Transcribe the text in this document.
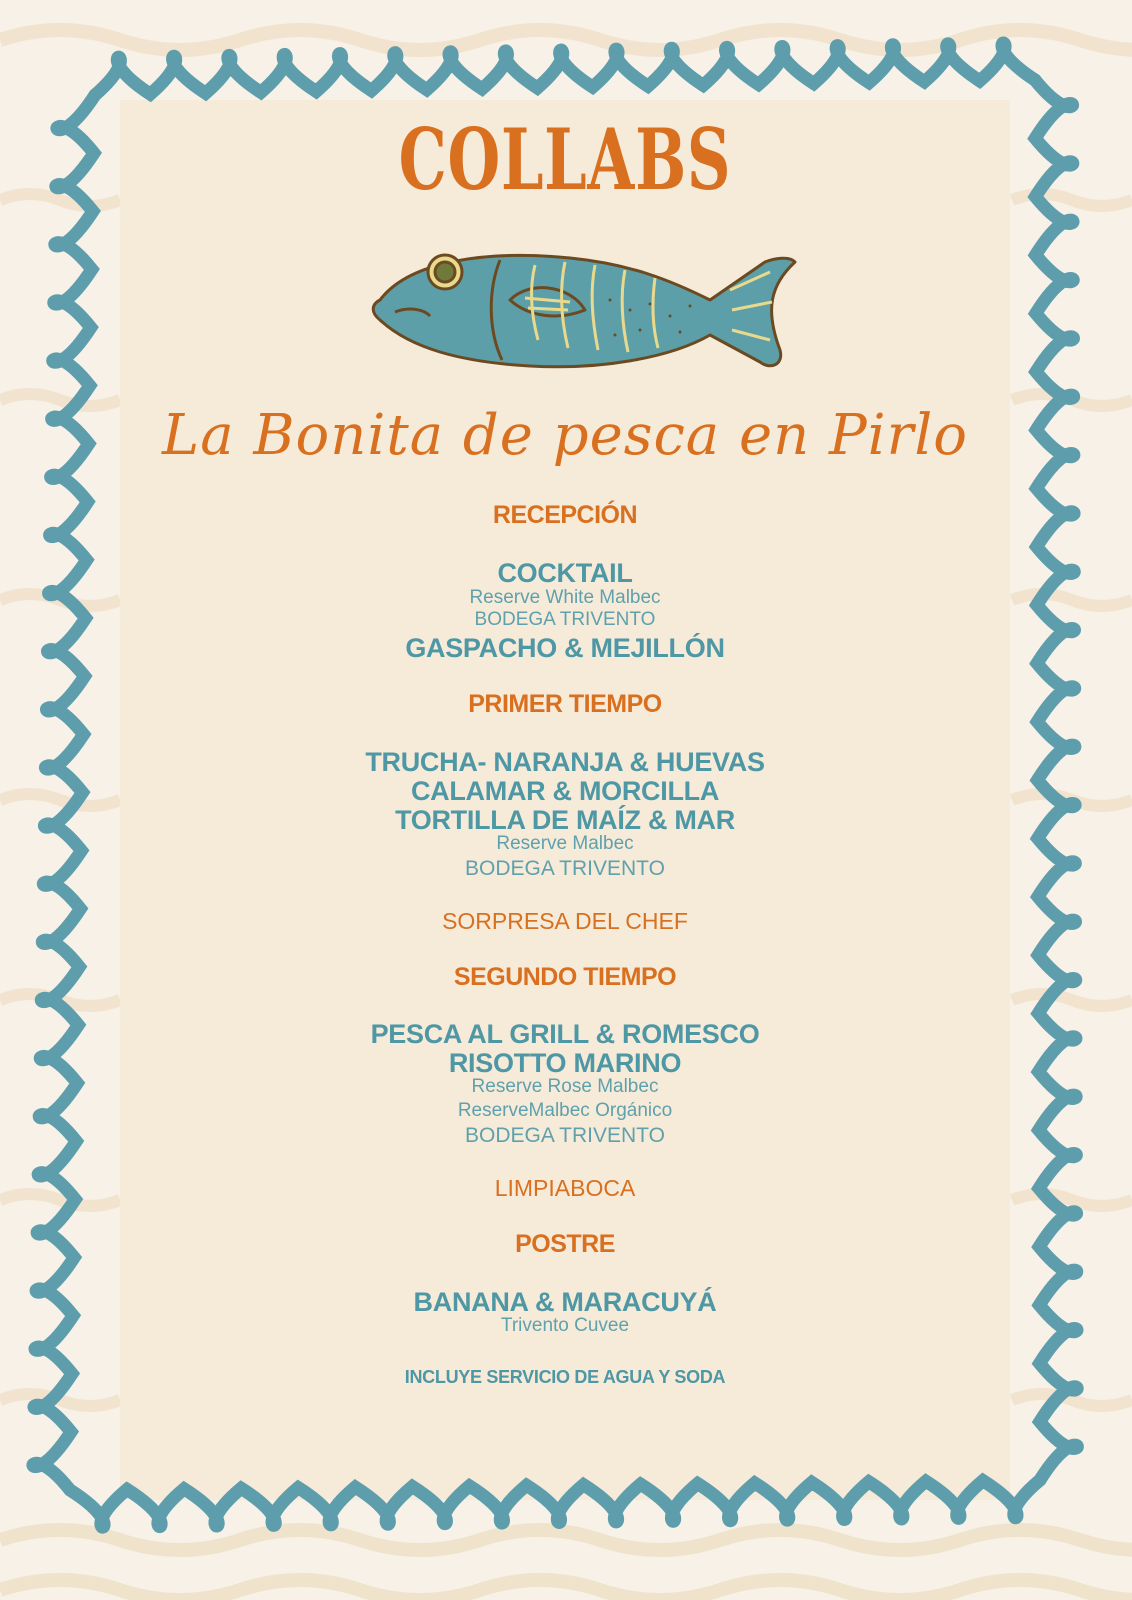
COLLABS
La Bonita de pesca en Pirlo
RECEPCIÓN
COCKTAIL
Reserve White Malbec
BODEGA TRIVENTO
GASPACHO & MEJILLÓN
PRIMER TIEMPO
TRUCHA- NARANJA & HUEVAS
CALAMAR & MORCILLA
TORTILLA DE MAÍZ & MAR
Reserve Malbec
BODEGA TRIVENTO
SORPRESA DEL CHEF
SEGUNDO TIEMPO
PESCA AL GRILL & ROMESCO
RISOTTO MARINO
Reserve Rose Malbec
ReserveMalbec Orgánico
BODEGA TRIVENTO
LIMPIABOCA
POSTRE
BANANA & MARACUYÁ
Trivento Cuvee
INCLUYE SERVICIO DE AGUA Y SODA
